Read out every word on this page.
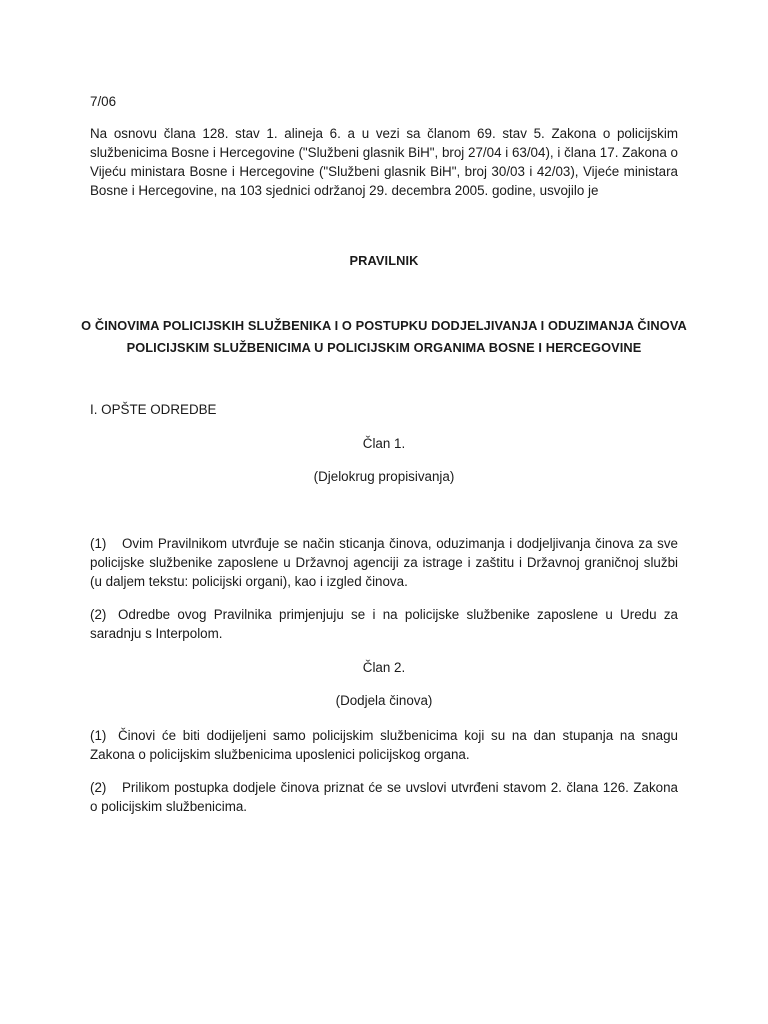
7/06
Na osnovu člana 128. stav 1. alineja 6. a u vezi sa članom 69. stav 5. Zakona o policijskim službenicima Bosne i Hercegovine ("Službeni glasnik BiH", broj 27/04 i 63/04), i člana 17. Zakona o Vijeću ministara Bosne i Hercegovine ("Službeni glasnik BiH", broj 30/03 i 42/03), Vijeće ministara Bosne i Hercegovine, na 103 sjednici održanoj 29. decembra 2005. godine, usvojilo je
PRAVILNIK
O ČINOVIMA POLICIJSKIH SLUŽBENIKA I O POSTUPKU DODJELJIVANJA I ODUZIMANJA ČINOVA
POLICIJSKIM SLUŽBENICIMA U POLICIJSKIM ORGANIMA BOSNE I HERCEGOVINE
I. OPŠTE ODREDBE
Član 1.
(Djelokrug propisivanja)
(1) Ovim Pravilnikom utvrđuje se način sticanja činova, oduzimanja i dodjeljivanja činova za sve policijske službenike zaposlene u Državnoj agenciji za istrage i zaštitu i Državnoj graničnoj službi (u daljem tekstu: policijski organi), kao i izgled činova.
(2) Odredbe ovog Pravilnika primjenjuju se i na policijske službenike zaposlene u Uredu za saradnju s Interpolom.
Član 2.
(Dodjela činova)
(1) Činovi će biti dodijeljeni samo policijskim službenicima koji su na dan stupanja na snagu Zakona o policijskim službenicima uposlenici policijskog organa.
(2) Prilikom postupka dodjele činova priznat će se uvslovi utvrđeni stavom 2. člana 126. Zakona o policijskim službenicima.
